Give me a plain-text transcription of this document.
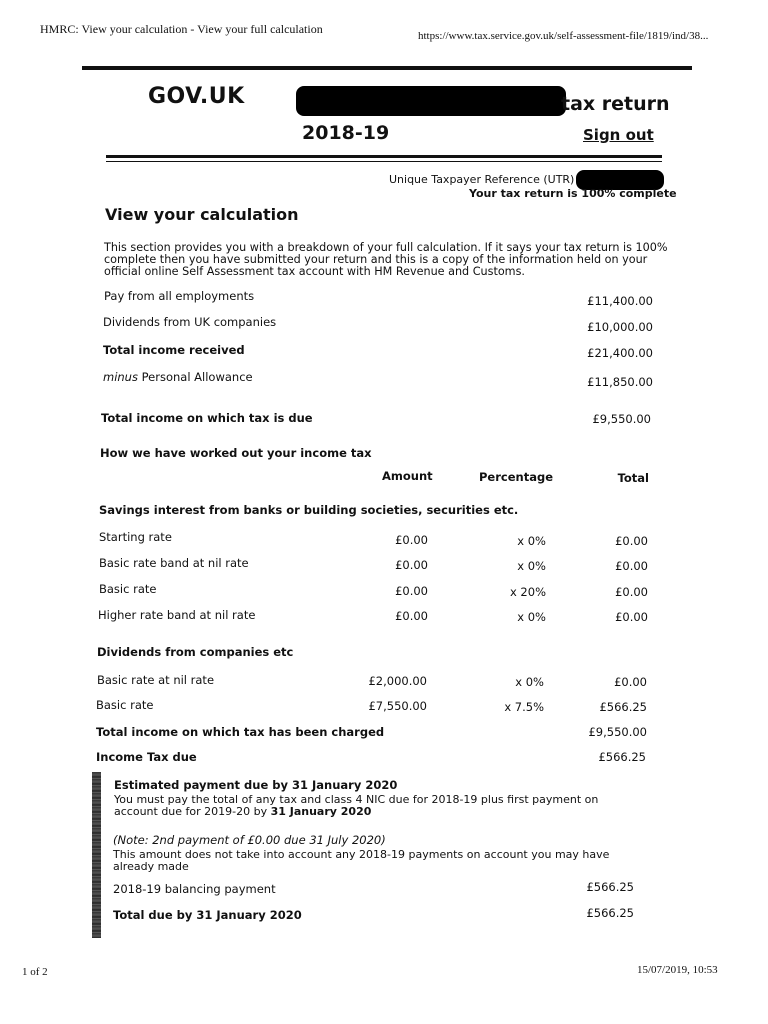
HMRC: View your calculation - View your full calculation	https://www.tax.service.gov.uk/self-assessment-file/1819/ind/38...
GOV.UK	tax return
2018-19	Sign out
Unique Taxpayer Reference (UTR)
Your tax return is 100% complete
View your calculation
This section provides you with a breakdown of your full calculation. If it says your tax return is 100%
complete then you have submitted your return and this is a copy of the information held on your
official online Self Assessment tax account with HM Revenue and Customs.
Pay from all employments	£11,400.00
Dividends from UK companies	£10,000.00
Total income received	£21,400.00
minus Personal Allowance	£11,850.00
Total income on which tax is due	£9,550.00
How we have worked out your income tax
Amount	Percentage	Total
Savings interest from banks or building societies, securities etc.
Starting rate	£0.00	x 0%	£0.00
Basic rate band at nil rate	£0.00	x 0%	£0.00
Basic rate	£0.00	x 20%	£0.00
Higher rate band at nil rate	£0.00	x 0%	£0.00
Dividends from companies etc
Basic rate at nil rate	£2,000.00	x 0%	£0.00
Basic rate	£7,550.00	x 7.5%	£566.25
Total income on which tax has been charged	£9,550.00
Income Tax due	£566.25
Estimated payment due by 31 January 2020
You must pay the total of any tax and class 4 NIC due for 2018-19 plus first payment on
account due for 2019-20 by 31 January 2020
(Note: 2nd payment of £0.00 due 31 July 2020)
This amount does not take into account any 2018-19 payments on account you may have
already made
2018-19 balancing payment	£566.25
Total due by 31 January 2020	£566.25
1 of 2	15/07/2019, 10:53
